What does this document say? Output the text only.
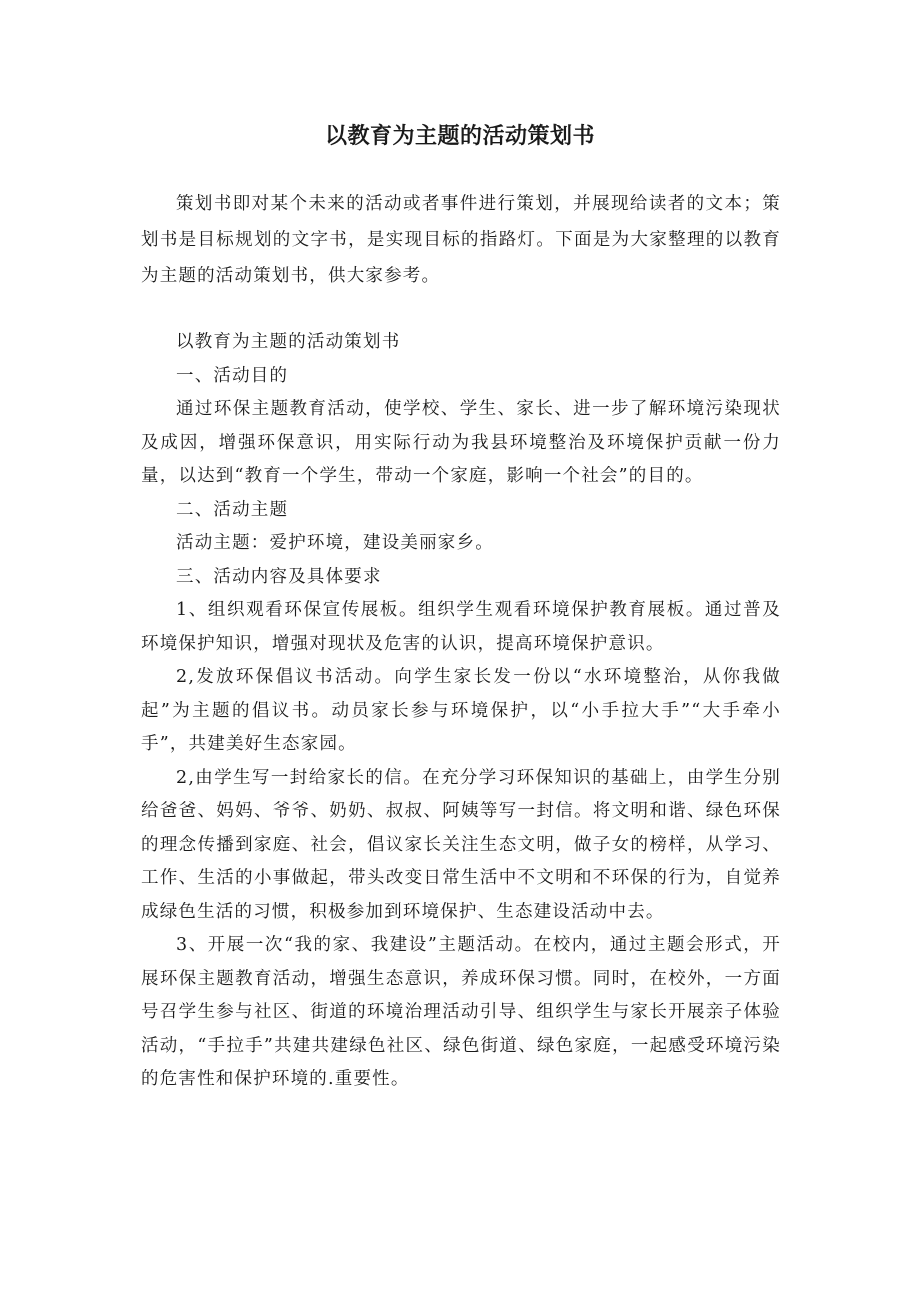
以教育为主题的活动策划书

策划书即对某个未来的活动或者事件进行策划，并展现给读者的文本；策划书是目标规划的文字书，是实现目标的指路灯。下面是为大家整理的以教育为主题的活动策划书，供大家参考。

以教育为主题的活动策划书

一、活动目的

通过环保主题教育活动，使学校、学生、家长、进一步了解环境污染现状及成因，增强环保意识，用实际行动为我县环境整治及环境保护贡献一份力量，以达到“教育一个学生，带动一个家庭，影响一个社会”的目的。

二、活动主题

活动主题：爱护环境，建设美丽家乡。

三、活动内容及具体要求

1、组织观看环保宣传展板。组织学生观看环境保护教育展板。通过普及环境保护知识，增强对现状及危害的认识，提高环境保护意识。

2,发放环保倡议书活动。向学生家长发一份以“水环境整治，从你我做起”为主题的倡议书。动员家长参与环境保护，以“小手拉大手”“大手牵小手”，共建美好生态家园。

2,由学生写一封给家长的信。在充分学习环保知识的基础上，由学生分别给爸爸、妈妈、爷爷、奶奶、叔叔、阿姨等写一封信。将文明和谐、绿色环保的理念传播到家庭、社会，倡议家长关注生态文明，做子女的榜样，从学习、工作、生活的小事做起，带头改变日常生活中不文明和不环保的行为，自觉养成绿色生活的习惯，积极参加到环境保护、生态建设活动中去。

3、开展一次“我的家、我建设”主题活动。在校内，通过主题会形式，开展环保主题教育活动，增强生态意识，养成环保习惯。同时，在校外，一方面号召学生参与社区、街道的环境治理活动引导、组织学生与家长开展亲子体验活动，“手拉手”共建共建绿色社区、绿色街道、绿色家庭，一起感受环境污染的危害性和保护环境的.重要性。
